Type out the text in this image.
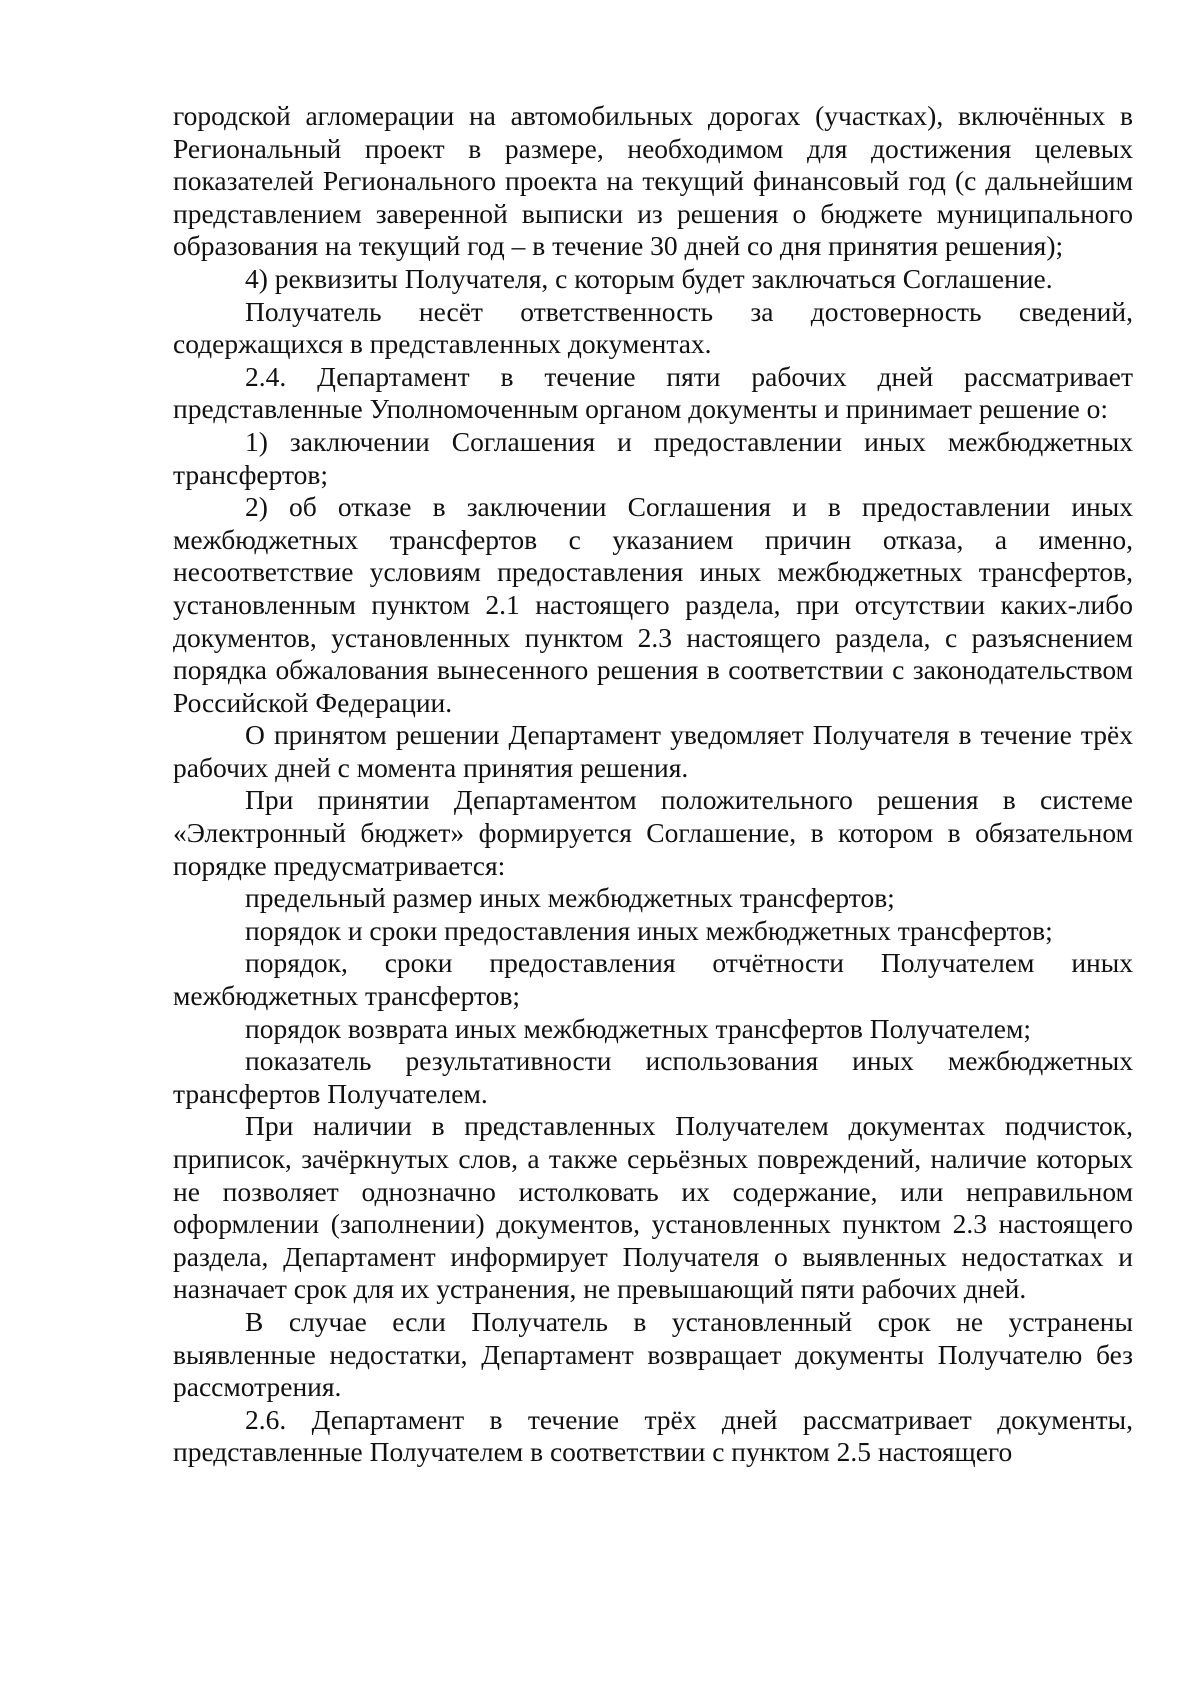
городской агломерации на автомобильных дорогах (участках), включённых в Региональный проект в размере, необходимом для достижения целевых показателей Регионального проекта на текущий финансовый год (с дальнейшим представлением заверенной выписки из решения о бюджете муниципального образования на текущий год – в течение 30 дней со дня принятия решения);

4) реквизиты Получателя, с которым будет заключаться Соглашение.

Получатель несёт ответственность за достоверность сведений, содержащихся в представленных документах.

2.4. Департамент в течение пяти рабочих дней рассматривает представленные Уполномоченным органом документы и принимает решение о:

1) заключении Соглашения и предоставлении иных межбюджетных трансфертов;

2) об отказе в заключении Соглашения и в предоставлении иных межбюджетных трансфертов с указанием причин отказа, а именно, несоответствие условиям предоставления иных межбюджетных трансфертов, установленным пунктом 2.1 настоящего раздела, при отсутствии каких-либо документов, установленных пунктом 2.3 настоящего раздела, с разъяснением порядка обжалования вынесенного решения в соответствии с законодательством Российской Федерации.

О принятом решении Департамент уведомляет Получателя в течение трёх рабочих дней с момента принятия решения.

При принятии Департаментом положительного решения в системе «Электронный бюджет» формируется Соглашение, в котором в обязательном порядке предусматривается:

предельный размер иных межбюджетных трансфертов;

порядок и сроки предоставления иных межбюджетных трансфертов;

порядок, сроки предоставления отчётности Получателем иных межбюджетных трансфертов;

порядок возврата иных межбюджетных трансфертов Получателем;

показатель результативности использования иных межбюджетных трансфертов Получателем.

При наличии в представленных Получателем документах подчисток, приписок, зачёркнутых слов, а также серьёзных повреждений, наличие которых не позволяет однозначно истолковать их содержание, или неправильном оформлении (заполнении) документов, установленных пунктом 2.3 настоящего раздела, Департамент информирует Получателя о выявленных недостатках и назначает срок для их устранения, не превышающий пяти рабочих дней.

В случае если Получатель в установленный срок не устранены выявленные недостатки, Департамент возвращает документы Получателю без рассмотрения.

2.6. Департамент в течение трёх дней рассматривает документы, представленные Получателем в соответствии с пунктом 2.5 настоящего
